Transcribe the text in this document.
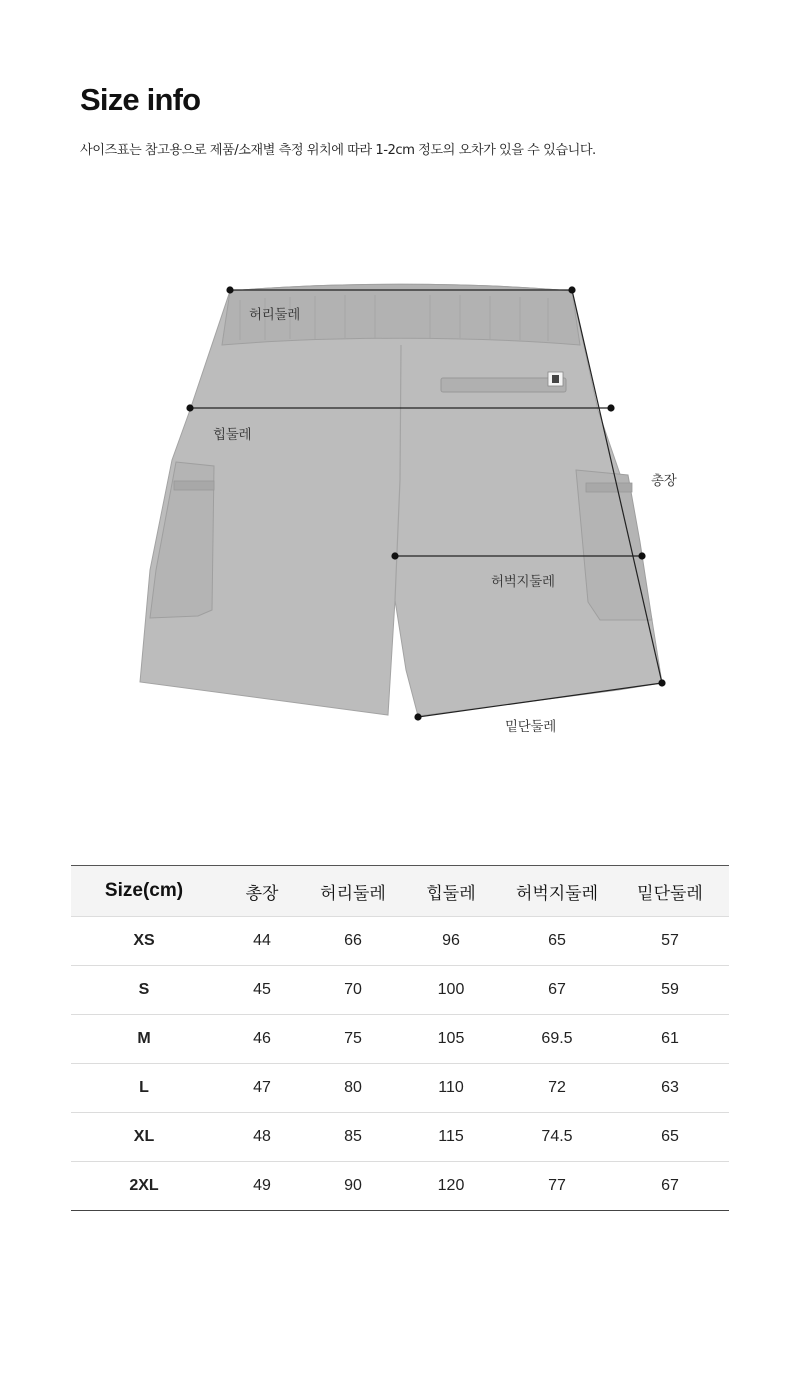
Size info

사이즈표는 참고용으로 제품/소재별 측정 위치에 따라 1-2cm 정도의 오차가 있을 수 있습니다.

허리둘레
힙둘레
총장
허벅지둘레
밑단둘레
Size(cm)	총장	허리둘레	힙둘레	허벅지둘레	밑단둘레
XS	44	66	96	65	57
S	45	70	100	67	59
M	46	75	105	69.5	61
L	47	80	110	72	63
XL	48	85	115	74.5	65
2XL	49	90	120	77	67
